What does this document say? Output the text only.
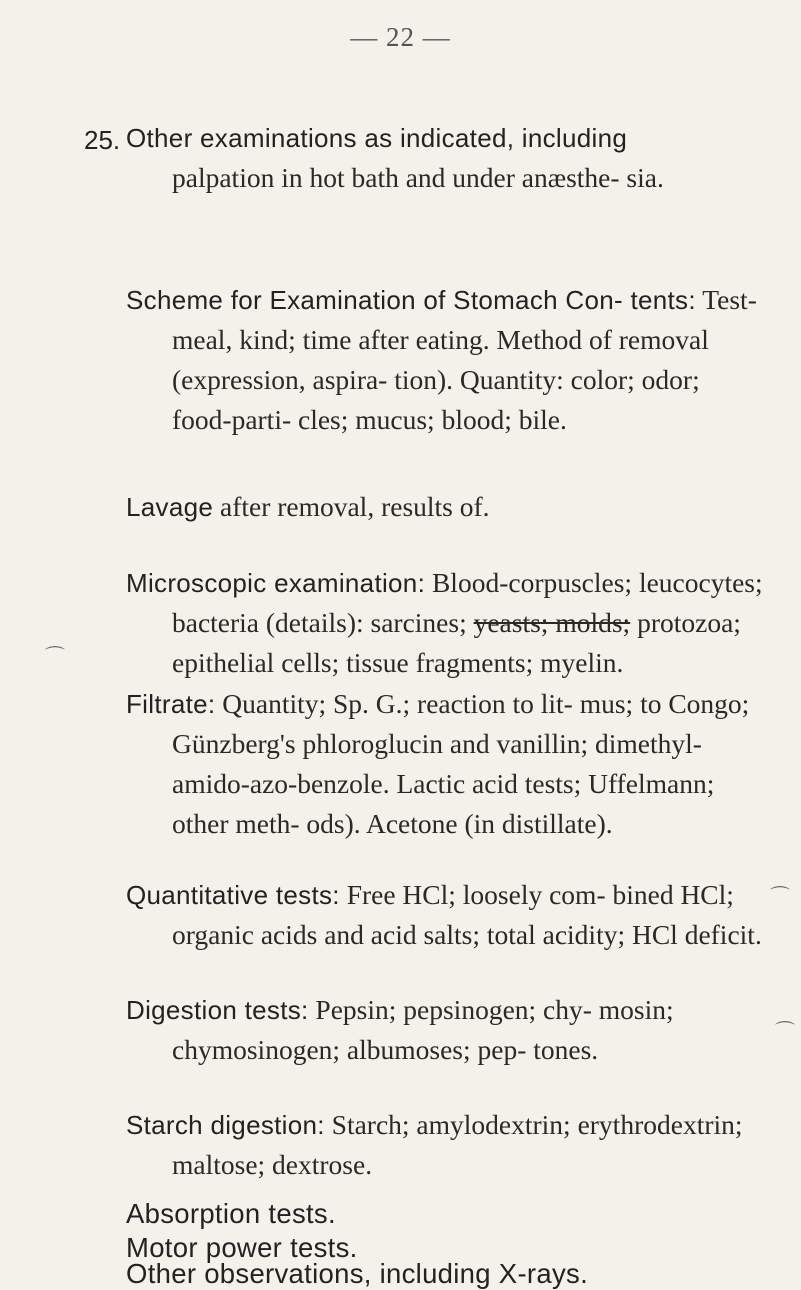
— 22 —
25. Other examinations as indicated, including
palpation in hot bath and under anæsthe- sia.

Scheme for Examination of Stomach Con- tents: Test-meal, kind; time after eating. Method of removal (expression, aspira- tion). Quantity: color; odor; food-parti- cles; mucus; blood; bile.

Lavage after removal, results of.

Microscopic examination: Blood-corpuscles; leucocytes; bacteria (details): sarcines; yeasts; molds; protozoa; epithelial cells; tissue fragments; myelin.

Filtrate: Quantity; Sp. G.; reaction to lit- mus; to Congo; Günzberg's phloroglucin and vanillin; dimethyl-amido-azo-benzole. Lactic acid tests; Uffelmann; other meth- ods). Acetone (in distillate).

Quantitative tests: Free HCl; loosely com- bined HCl; organic acids and acid salts; total acidity; HCl deficit.

Digestion tests: Pepsin; pepsinogen; chy- mosin; chymosinogen; albumoses; pep- tones.

Starch digestion: Starch; amylodextrin; erythrodextrin; maltose; dextrose.

Absorption tests.
Motor power tests.
⌒
⌒
⌒
Other observations, including X-rays.
